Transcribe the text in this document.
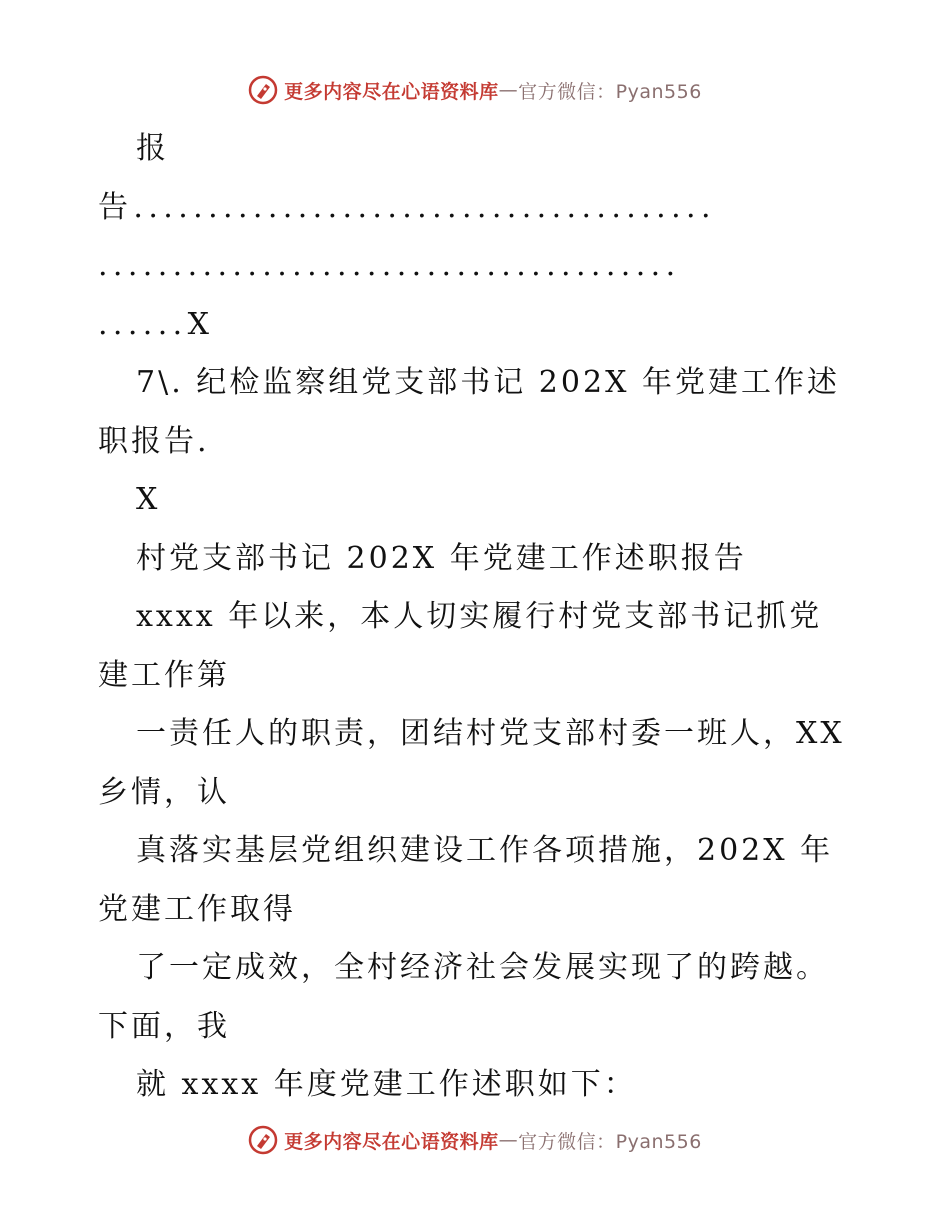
更多内容尽在心语资料库 — 官方微信：Pyan556
报
告.......................................
.......................................
......X
7\. 纪检监察组党支部书记 202X 年党建工作述
职报告.
X
村党支部书记 202X 年党建工作述职报告
xxxx 年以来，本人切实履行村党支部书记抓党
建工作第
一责任人的职责，团结村党支部村委一班人，XX
乡情，认
真落实基层党组织建设工作各项措施，202X 年
党建工作取得
了一定成效，全村经济社会发展实现了的跨越。
下面，我
就 xxxx 年度党建工作述职如下：
更多内容尽在心语资料库 — 官方微信：Pyan556
